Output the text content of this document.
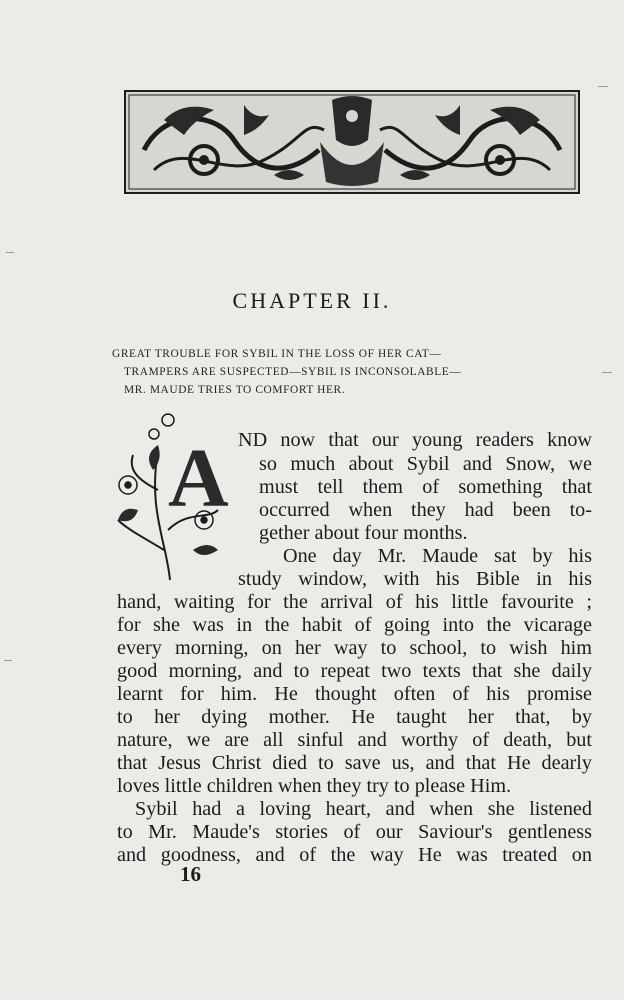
CHAPTER II.
GREAT TROUBLE FOR SYBIL IN THE LOSS OF HER CAT—
TRAMPERS ARE SUSPECTED—SYBIL IS INCONSOLABLE—
MR. MAUDE TRIES TO COMFORT HER.
A ND now that our young readers know
so much about Sybil and Snow, we
must tell them of something that
occurred when they had been to-
gether about four months.
One day Mr. Maude sat by his
study window, with his Bible in his
hand, waiting for the arrival of his little favourite ;
for she was in the habit of going into the vicarage
every morning, on her way to school, to wish him
good morning, and to repeat two texts that she daily
learnt for him. He thought often of his promise
to her dying mother. He taught her that, by
nature, we are all sinful and worthy of death, but
that Jesus Christ died to save us, and that He dearly
loves little children when they try to please Him.
Sybil had a loving heart, and when she listened
to Mr. Maude's stories of our Saviour's gentleness
and goodness, and of the way He was treated on
16
